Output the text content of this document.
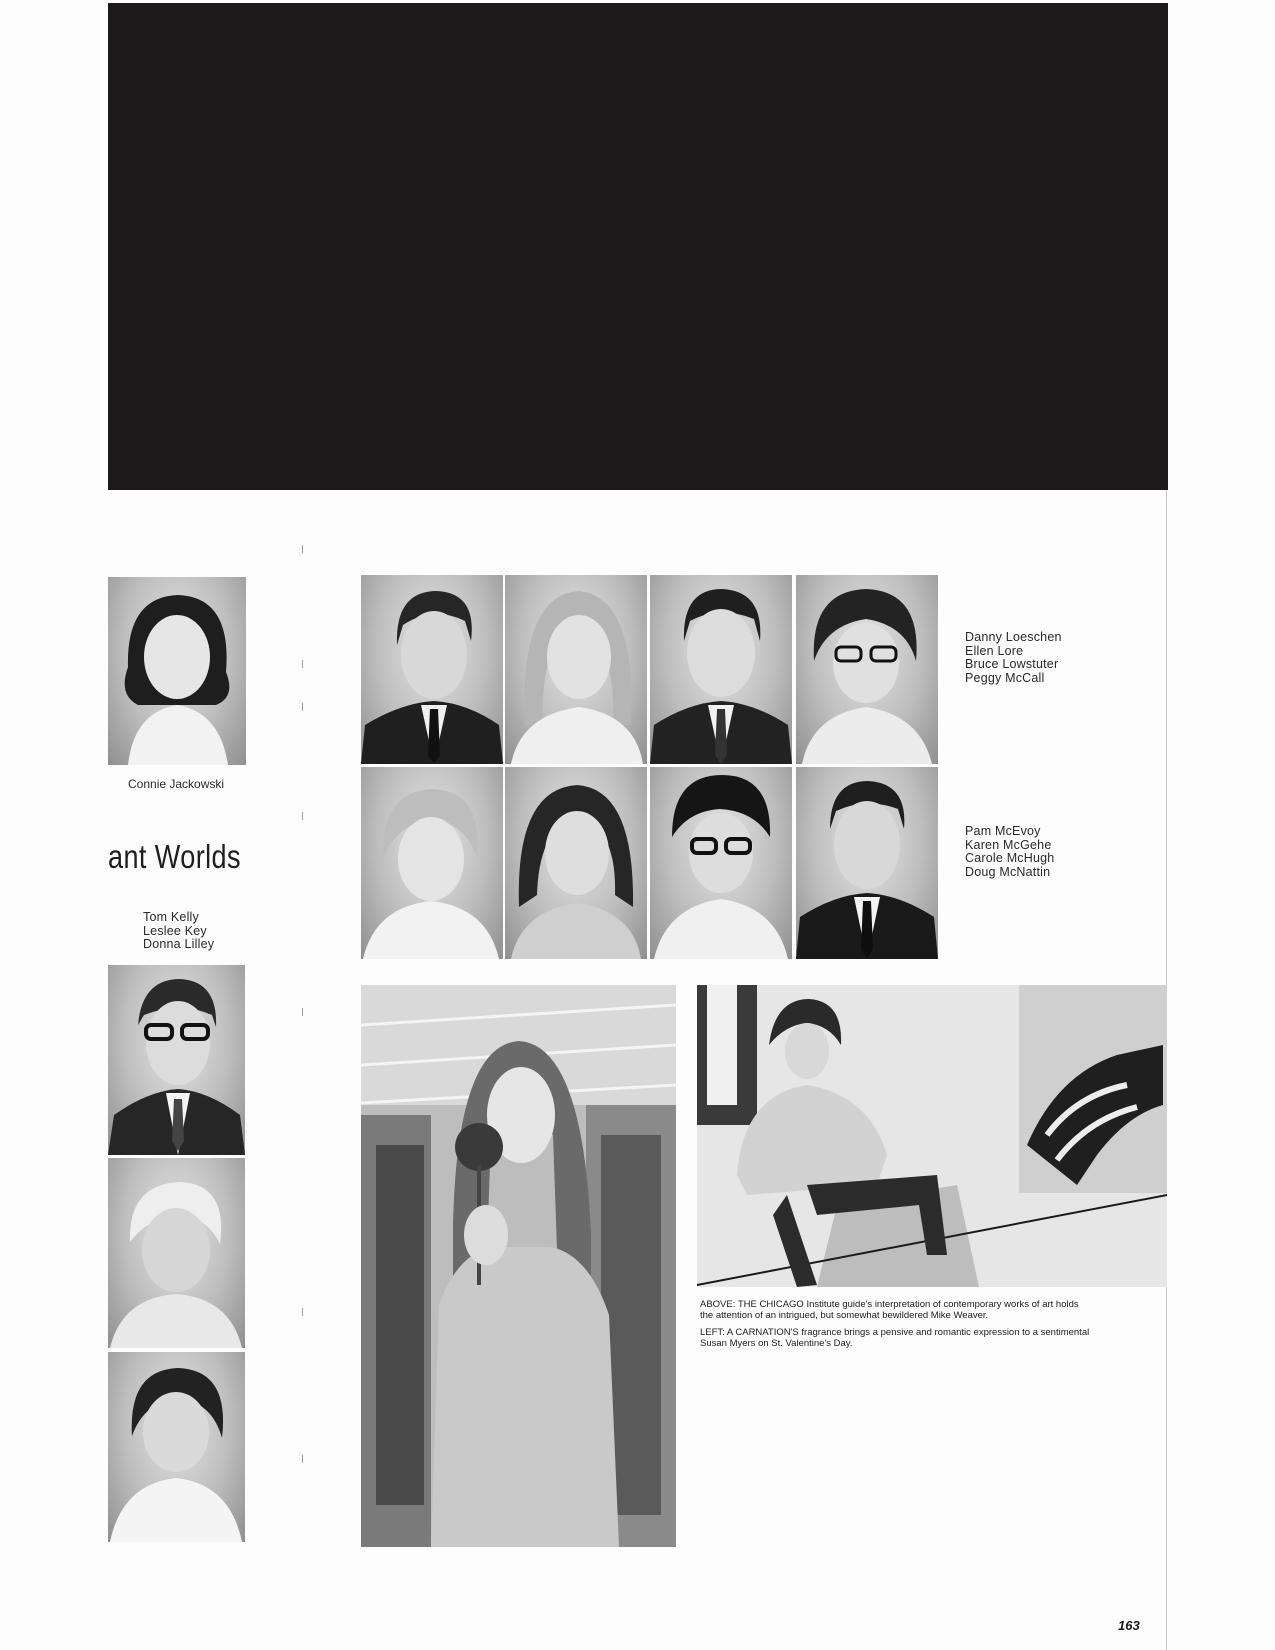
Connie Jackowski
ant Worlds
Tom Kelly
Leslee Key
Donna Lilley
Danny Loeschen
Ellen Lore
Bruce Lowstuter
Peggy McCall
Pam McEvoy
Karen McGehe
Carole McHugh
Doug McNattin

ABOVE: THE CHICAGO Institute guide's interpretation of contemporary works of art holds the attention of an intrigued, but somewhat bewildered Mike Weaver.

LEFT: A CARNATION'S fragrance brings a pensive and romantic expression to a sentimental Susan Myers on St. Valentine's Day.

163
